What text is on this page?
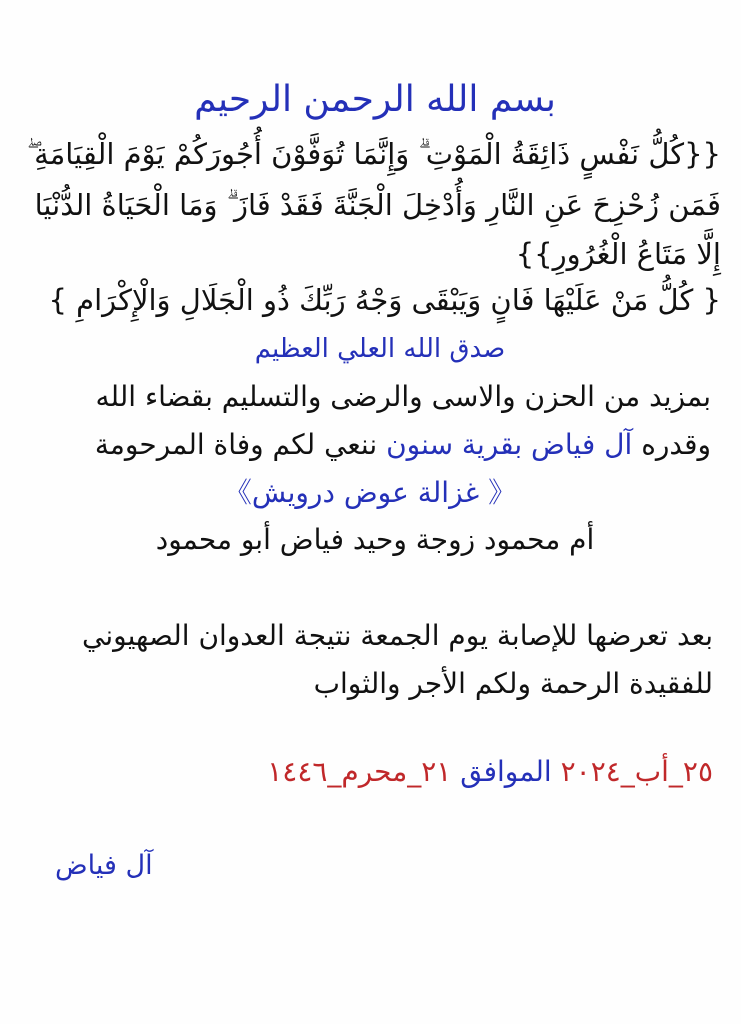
بسم الله الرحمن الرحيم
{{كُلُّ نَفْسٍ ذَائِقَةُ الْمَوْتِ ۗ وَإِنَّمَا تُوَفَّوْنَ أُجُورَكُمْ يَوْمَ الْقِيَامَةِ ۖ
فَمَن زُحْزِحَ عَنِ النَّارِ وَأُدْخِلَ الْجَنَّةَ فَقَدْ فَازَ ۗ وَمَا الْحَيَاةُ الدُّنْيَا
إِلَّا مَتَاعُ الْغُرُورِ}}
{ كُلُّ مَنْ عَلَيْهَا فَانٍ وَيَبْقَى وَجْهُ رَبِّكَ ذُو الْجَلَالِ وَالْإِكْرَامِ }
صدق الله العلي العظيم
بمزيد من الحزن والاسى والرضى والتسليم بقضاء الله
وقدره آل فياض بقرية سنون ننعي لكم وفاة المرحومة
《 غزالة عوض درويش》
أم محمود زوجة وحيد فياض أبو محمود
بعد تعرضها للإصابة يوم الجمعة نتيجة العدوان الصهيوني
للفقيدة الرحمة ولكم الأجر والثواب
٢٥_أب_٢٠٢٤ الموافق ٢١_محرم_١٤٤٦
آل فياض
